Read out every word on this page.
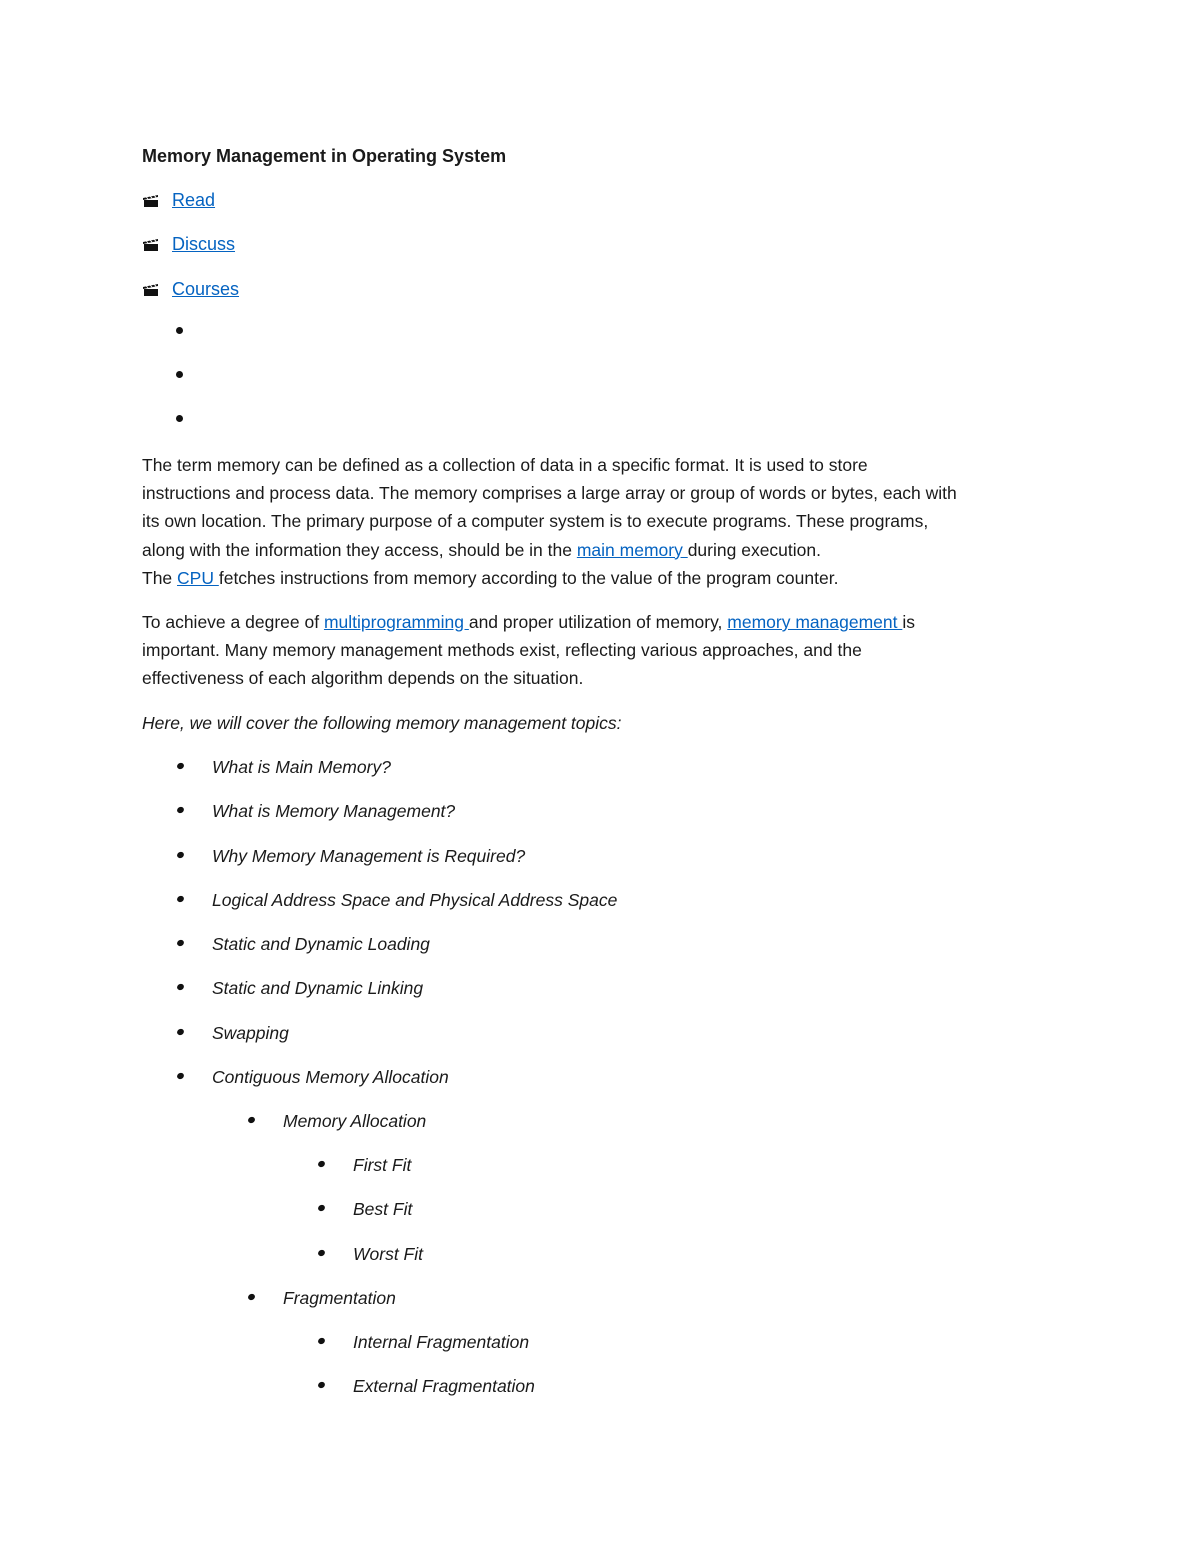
Memory Management in Operating System
Read
Discuss
Courses
The term memory can be defined as a collection of data in a specific format. It is used to store
instructions and process data. The memory comprises a large array or group of words or bytes, each with
its own location. The primary purpose of a computer system is to execute programs. These programs,
along with the information they access, should be in the main memory during execution.
The CPU fetches instructions from memory according to the value of the program counter.
To achieve a degree of multiprogramming and proper utilization of memory, memory management is
important. Many memory management methods exist, reflecting various approaches, and the
effectiveness of each algorithm depends on the situation.
Here, we will cover the following memory management topics:
What is Main Memory?
What is Memory Management?
Why Memory Management is Required?
Logical Address Space and Physical Address Space
Static and Dynamic Loading
Static and Dynamic Linking
Swapping
Contiguous Memory Allocation
Memory Allocation
First Fit
Best Fit
Worst Fit
Fragmentation
Internal Fragmentation
External Fragmentation
